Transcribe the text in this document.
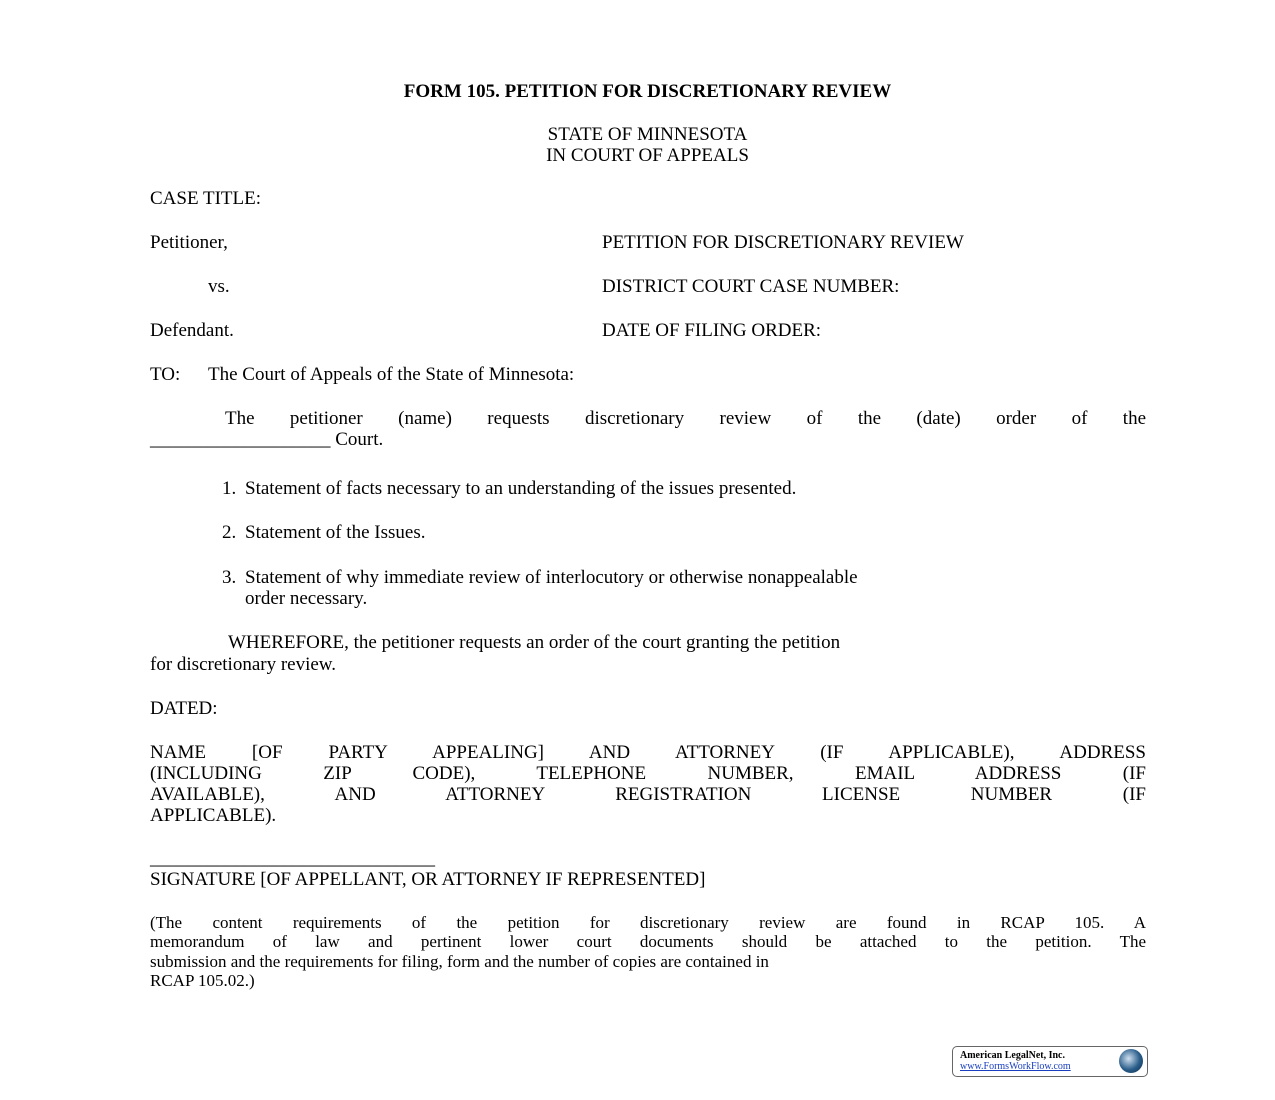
FORM 105. PETITION FOR DISCRETIONARY REVIEW
STATE OF MINNESOTA
IN COURT OF APPEALS
CASE TITLE:
Petitioner,
vs.
Defendant.
PETITION FOR DISCRETIONARY REVIEW
DISTRICT COURT CASE NUMBER:
DATE OF FILING ORDER:
TO: The Court of Appeals of the State of Minnesota:
The petitioner (name) requests discretionary review of the (date) order of the
___________________ Court.
1. Statement of facts necessary to an understanding of the issues presented.
2. Statement of the Issues.
3. Statement of why immediate review of interlocutory or otherwise nonappealable
order necessary.
WHEREFORE, the petitioner requests an order of the court granting the petition
for discretionary review.
DATED:
NAME [OF PARTY APPEALING] AND ATTORNEY (IF APPLICABLE), ADDRESS
(INCLUDING ZIP CODE), TELEPHONE NUMBER, EMAIL ADDRESS (IF
AVAILABLE), AND ATTORNEY REGISTRATION LICENSE NUMBER (IF
APPLICABLE).
______________________________
SIGNATURE [OF APPELLANT, OR ATTORNEY IF REPRESENTED]
(The content requirements of the petition for discretionary review are found in RCAP 105. A
memorandum of law and pertinent lower court documents should be attached to the petition. The
submission and the requirements for filing, form and the number of copies are contained in
RCAP 105.02.)
American LegalNet, Inc.
www.FormsWorkFlow.com
